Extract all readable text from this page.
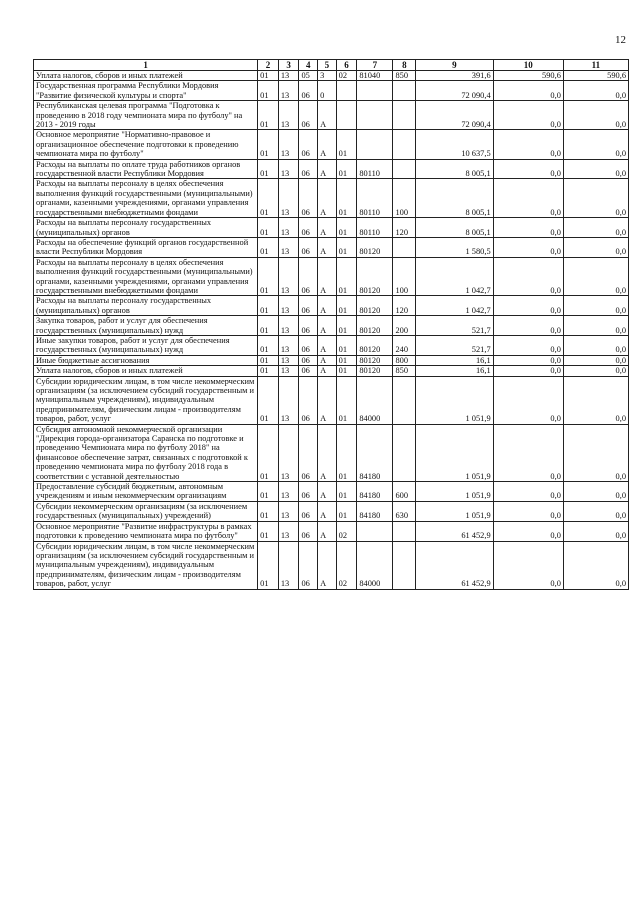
12
1	2	3	4	5	6	7	8	9	10	11
Уплата налогов, сборов и иных платежей	01	13	05	3	02	81040	850	391,6	590,6	590,6
Государственная программа Республики Мордовия "Развитие физической культуры и спорта"	01	13	06	0				72 090,4	0,0	0,0
Республиканская целевая программа "Подготовка к проведению в 2018 году чемпионата мира по футболу" на 2013 - 2019 годы	01	13	06	А				72 090,4	0,0	0,0
Основное мероприятие "Нормативно-правовое и организационное обеспечение подготовки к проведению чемпионата мира по футболу"	01	13	06	А	01			10 637,5	0,0	0,0
Расходы на выплаты по оплате труда работников органов государственной власти Республики Мордовия	01	13	06	А	01	80110		8 005,1	0,0	0,0
Расходы на выплаты персоналу в целях обеспечения выполнения функций государственными (муниципальными) органами, казенными учреждениями, органами управления государственными внебюджетными фондами	01	13	06	А	01	80110	100	8 005,1	0,0	0,0
Расходы на выплаты персоналу государственных (муниципальных) органов	01	13	06	А	01	80110	120	8 005,1	0,0	0,0
Расходы на обеспечение функций органов государственной власти Республики Мордовия	01	13	06	А	01	80120		1 580,5	0,0	0,0
Расходы на выплаты персоналу в целях обеспечения выполнения функций государственными (муниципальными) органами, казенными учреждениями, органами управления государственными внебюджетными фондами	01	13	06	А	01	80120	100	1 042,7	0,0	0,0
Расходы на выплаты персоналу государственных (муниципальных) органов	01	13	06	А	01	80120	120	1 042,7	0,0	0,0
Закупка товаров, работ и услуг для обеспечения государственных (муниципальных) нужд	01	13	06	А	01	80120	200	521,7	0,0	0,0
Иные закупки товаров, работ и услуг для обеспечения государственных (муниципальных) нужд	01	13	06	А	01	80120	240	521,7	0,0	0,0
Иные бюджетные ассигнования	01	13	06	А	01	80120	800	16,1	0,0	0,0
Уплата налогов, сборов и иных платежей	01	13	06	А	01	80120	850	16,1	0,0	0,0
Субсидии юридическим лицам, в том числе некоммерческим организациям (за исключением субсидий государственным и муниципальным учреждениям), индивидуальным предпринимателям, физическим лицам - производителям товаров, работ, услуг	01	13	06	А	01	84000		1 051,9	0,0	0,0
Субсидия автономной некоммерческой организации "Дирекция города-организатора Саранска по подготовке и проведению Чемпионата мира по футболу 2018" на финансовое обеспечение затрат, связанных с подготовкой к проведению чемпионата мира по футболу 2018 года в соответствии с уставной деятельностью	01	13	06	А	01	84180		1 051,9	0,0	0,0
Предоставление субсидий бюджетным, автономным учреждениям и иным некоммерческим организациям	01	13	06	А	01	84180	600	1 051,9	0,0	0,0
Субсидии некоммерческим организациям (за исключением государственных (муниципальных) учреждений)	01	13	06	А	01	84180	630	1 051,9	0,0	0,0
Основное мероприятие "Развитие инфраструктуры в рамках подготовки к проведению чемпионата мира по футболу"	01	13	06	А	02			61 452,9	0,0	0,0
Субсидии юридическим лицам, в том числе некоммерческим организациям (за исключением субсидий государственным и муниципальным учреждениям), индивидуальным предпринимателям, физическим лицам - производителям товаров, работ, услуг	01	13	06	А	02	84000		61 452,9	0,0	0,0
